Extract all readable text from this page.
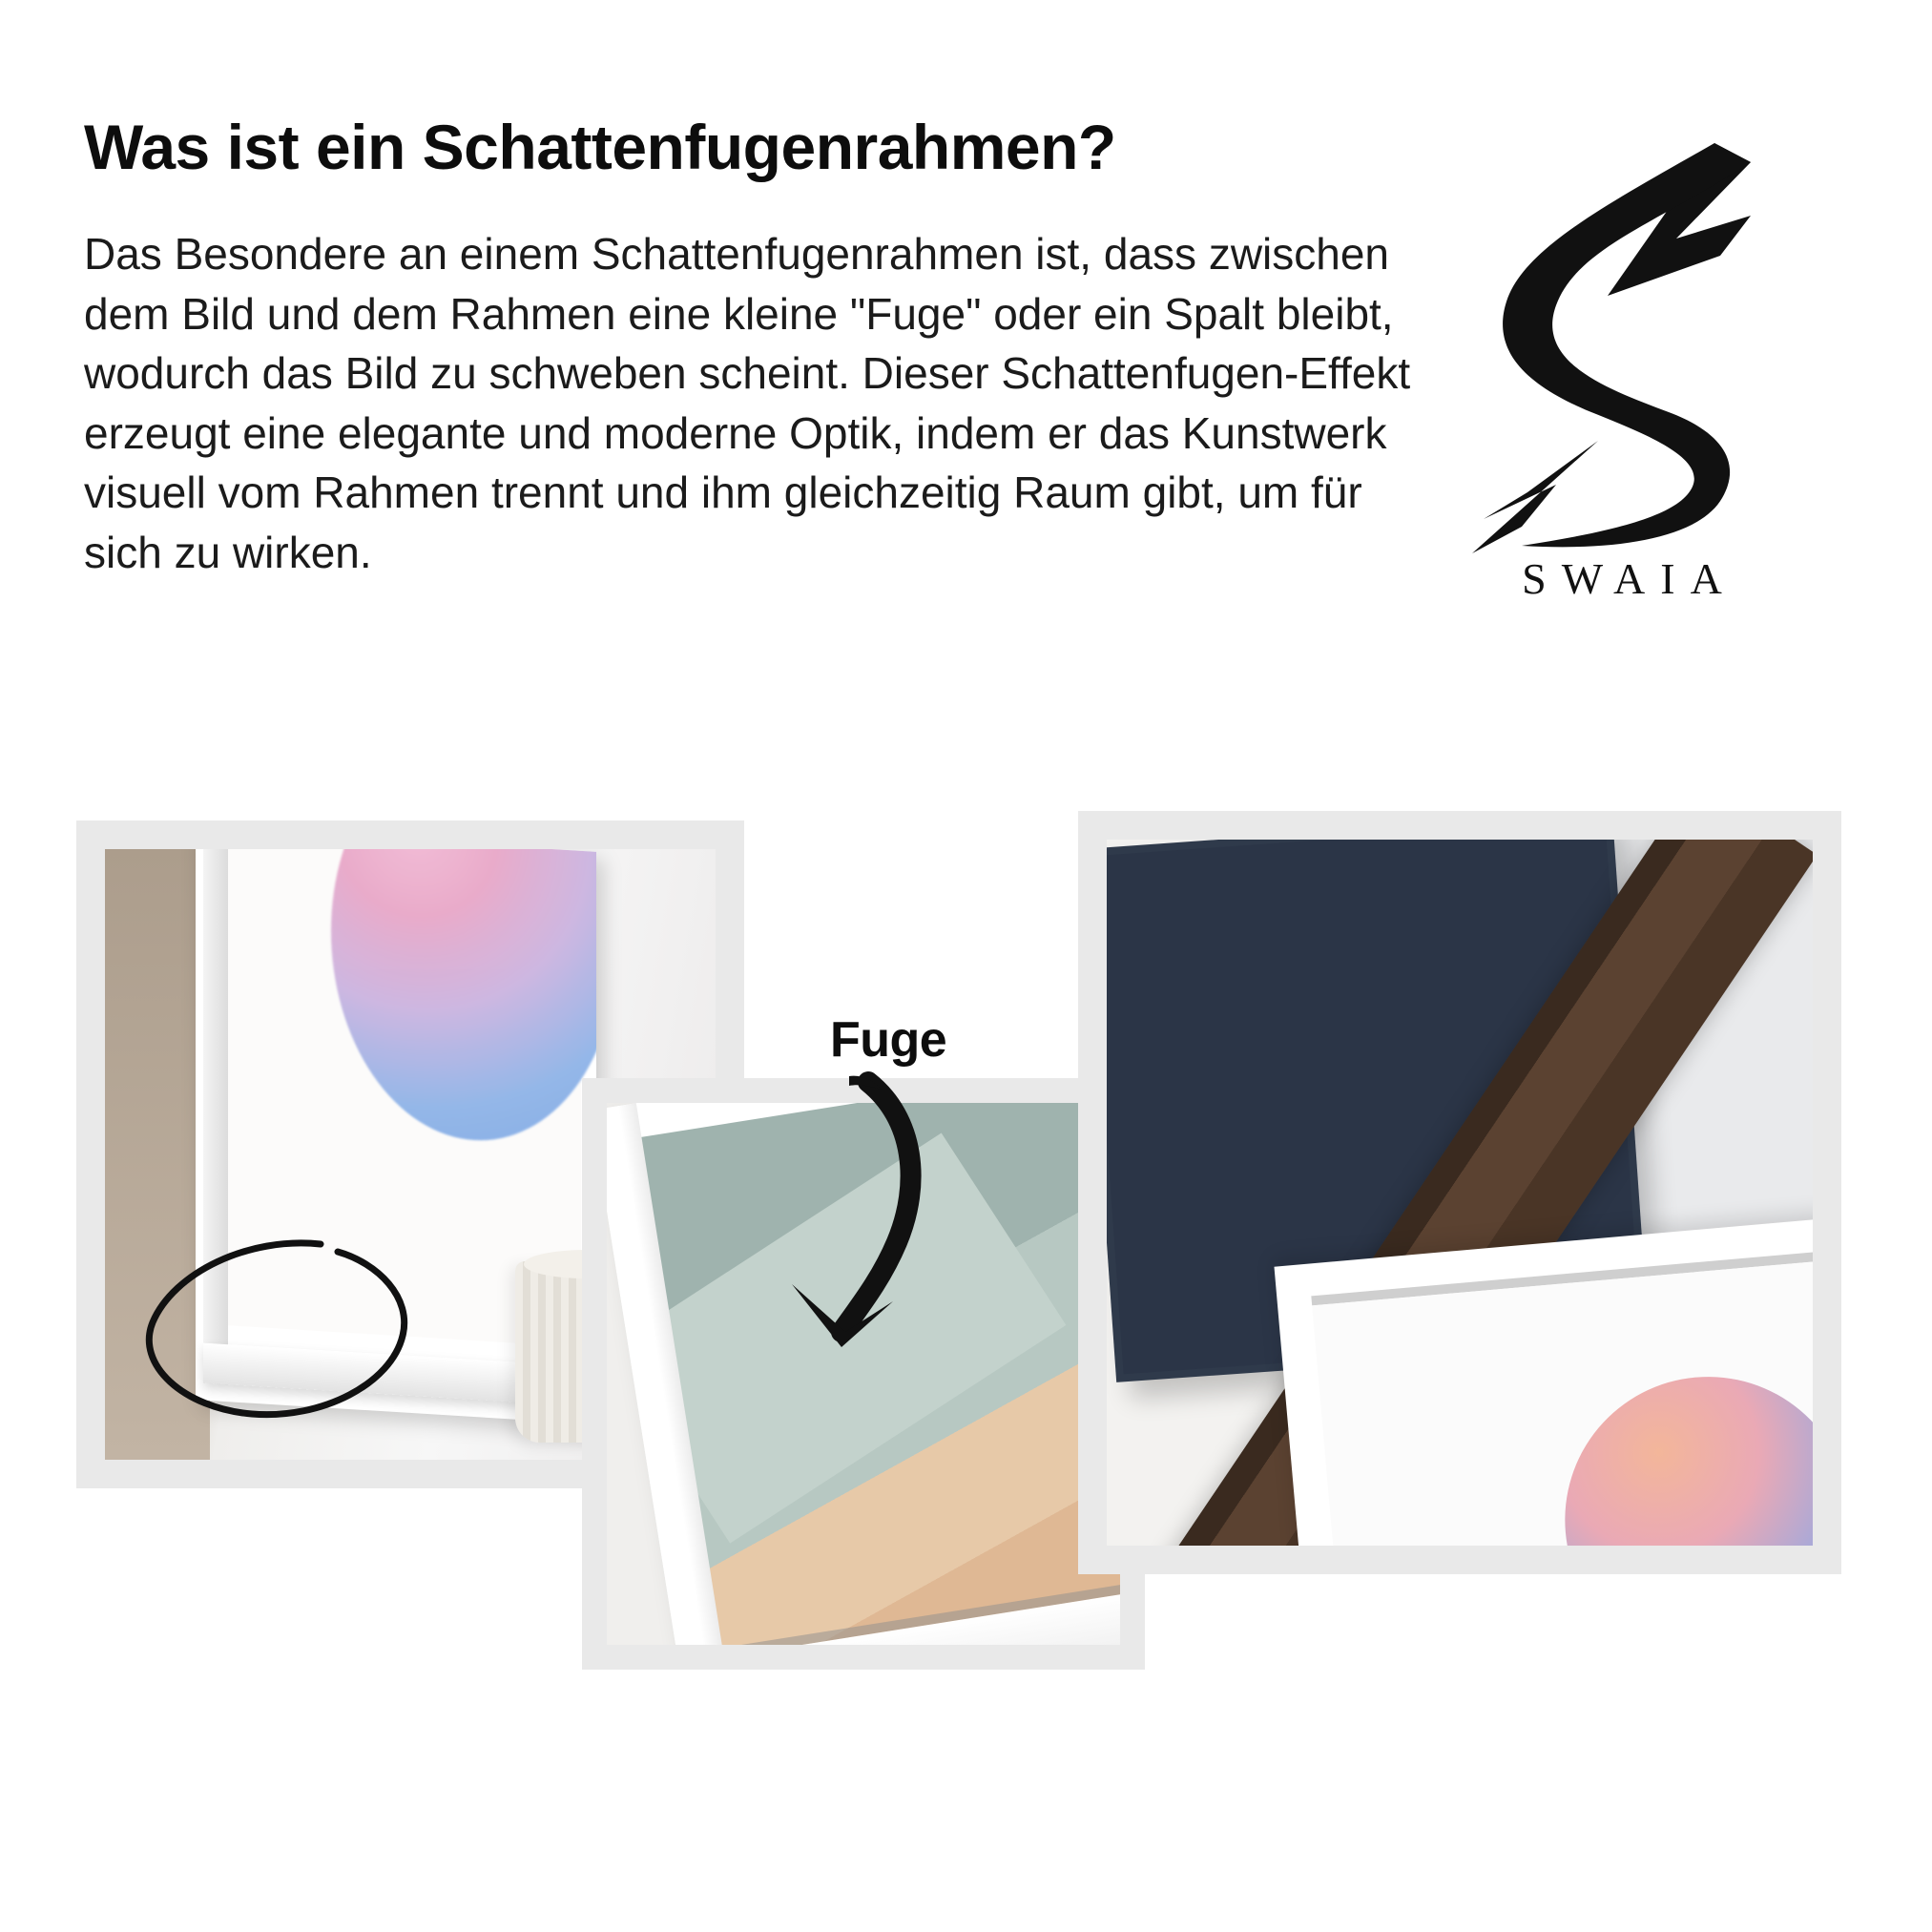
Was ist ein Schattenfugenrahmen?
Das Besondere an einem Schattenfugenrahmen ist, dass zwischen dem Bild und dem Rahmen eine kleine "Fuge" oder ein Spalt bleibt, wodurch das Bild zu schweben scheint. Dieser Schattenfugen-Effekt erzeugt eine elegante und moderne Optik, indem er das Kunstwerk visuell vom Rahmen trennt und ihm gleichzeitig Raum gibt, um für sich zu wirken.
SWAIA
Fuge
